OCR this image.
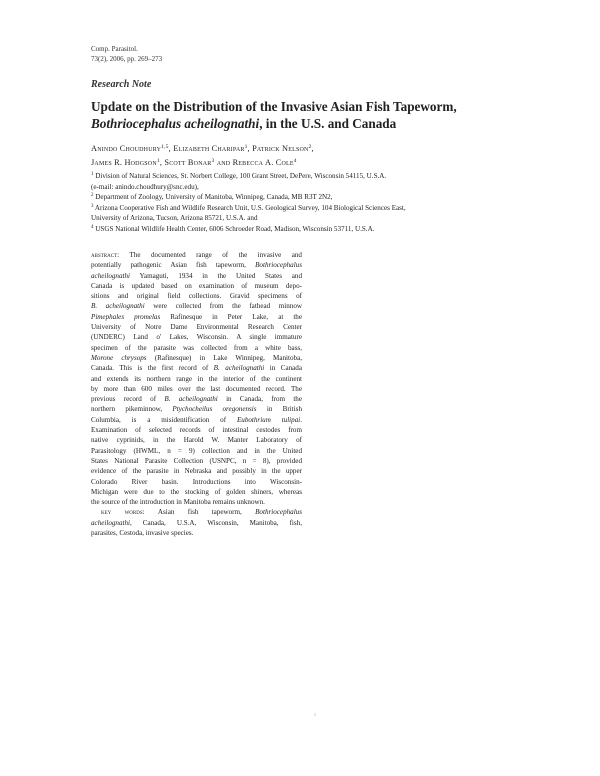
Comp. Parasitol.
73(2), 2006, pp. 269–273
Research Note
Update on the Distribution of the Invasive Asian Fish Tapeworm,
Bothriocephalus acheilognathi, in the U.S. and Canada
Anindo Choudhury$^{1,5}$, Elizabeth Charipar$^1$, Patrick Nelson$^2$,
James R. Hodgson$^1$, Scott Bonar$^3$ and Rebecca A. Cole$^4$
$^1$ Division of Natural Sciences, St. Norbert College, 100 Grant Street, DePere, Wisconsin 54115, U.S.A.
(e-mail: anindo.choudhury@snc.edu),
$^2$ Department of Zoology, University of Manitoba, Winnipeg, Canada, MB R3T 2N2,
$^3$ Arizona Cooperative Fish and Wildlife Research Unit, U.S. Geological Survey, 104 Biological Sciences East,
University of Arizona, Tucson, Arizona 85721, U.S.A. and
$^4$ USGS National Wildlife Health Center, 6006 Schroeder Road, Madison, Wisconsin 53711, U.S.A.
abstract: The documented range of the invasive and
potentially pathogenic Asian fish tapeworm, Bothriocephalus
acheilognathi Yamaguti, 1934 in the United States and
Canada is updated based on examination of museum depo-
sitions and original field collections. Gravid specimens of
B. acheilognathi were collected from the fathead minnow
Pimephales promelas Rafinesque in Peter Lake, at the
University of Notre Dame Environmental Research Center
(UNDERC) Land o' Lakes, Wisconsin. A single immature
specimen of the parasite was collected from a white bass,
Morone chrysops (Rafinesque) in Lake Winnipeg, Manitoba,
Canada. This is the first record of B. acheilognathi in Canada
and extends its northern range in the interior of the continent
by more than 600 miles over the last documented record. The
previous record of B. acheilognathi in Canada, from the
northern pikeminnow, Ptychocheilus oregonensis in British
Columbia, is a misidentification of Eubothrium tulipai.
Examination of selected records of intestinal cestodes from
native cyprinids, in the Harold W. Manter Laboratory of
Parasitology (HWML, n = 9) collection and in the United
States National Parasite Collection (USNPC, n = 8), provided
evidence of the parasite in Nebraska and possibly in the upper
Colorado River basin. Introductions into Wisconsin-
Michigan were due to the stocking of golden shiners, whereas
the source of the introduction in Manitoba remains unknown.
key words: Asian fish tapeworm, Bothriocephalus
acheilognathi, Canada, U.S.A, Wisconsin, Manitoba, fish,
parasites, Cestoda, invasive species.
1
